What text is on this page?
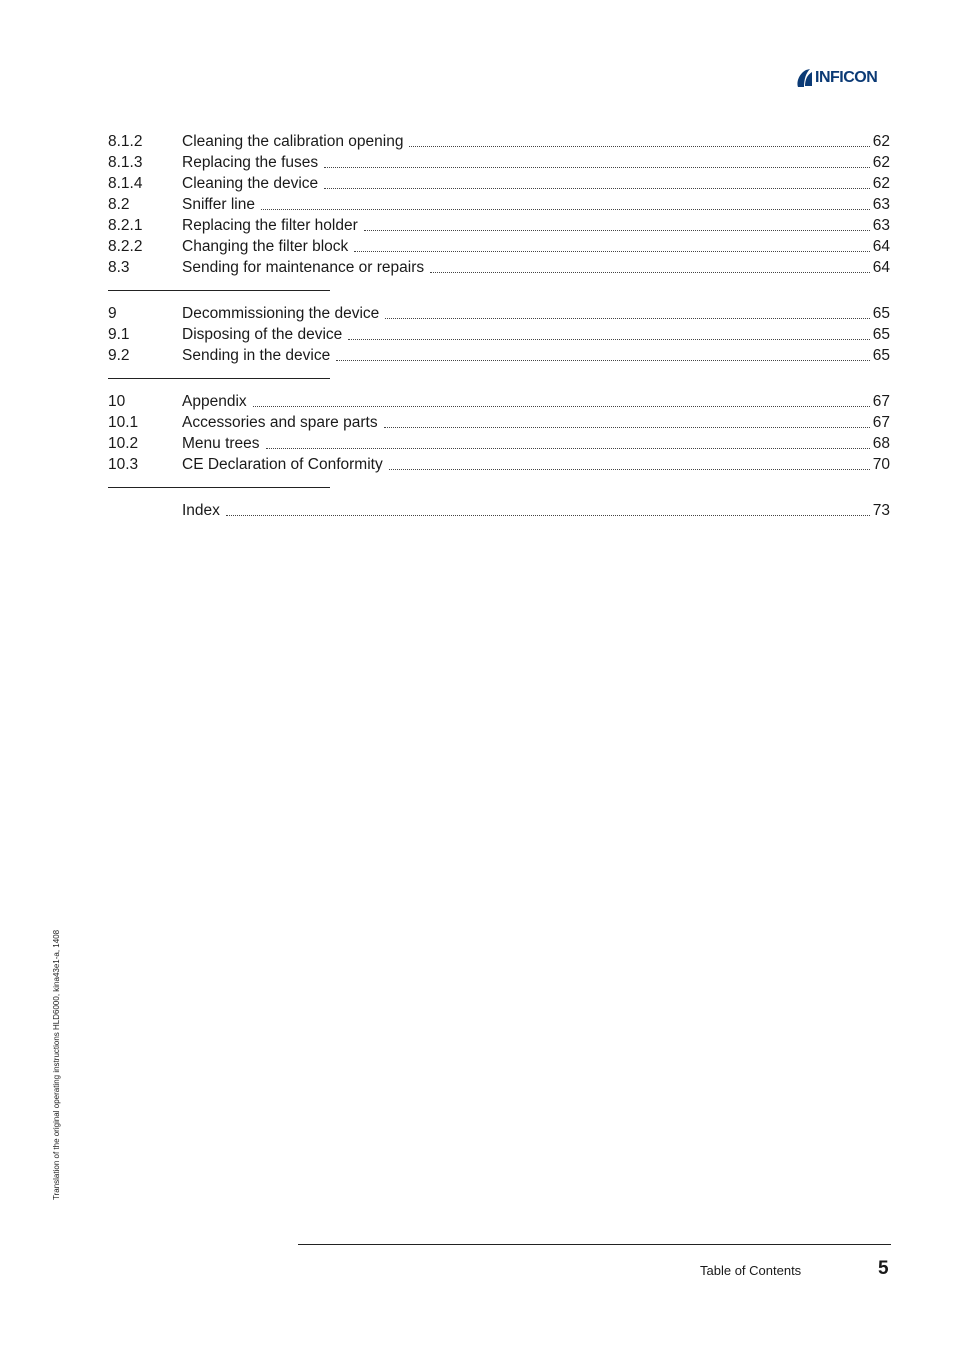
INFICON
8.1.2	Cleaning the calibration opening	62
8.1.3	Replacing the fuses	62
8.1.4	Cleaning the device	62
8.2	Sniffer line	63
8.2.1	Replacing the filter holder	63
8.2.2	Changing the filter block	64
8.3	Sending for maintenance or repairs	64
9	Decommissioning the device	65
9.1	Disposing of the device	65
9.2	Sending in the device	65
10	Appendix	67
10.1	Accessories and spare parts	67
10.2	Menu trees	68
10.3	CE Declaration of Conformity	70
Index	73
Translation of the original operating instructions HLD6000, kina43e1-a, 1408
Table of Contents	5
